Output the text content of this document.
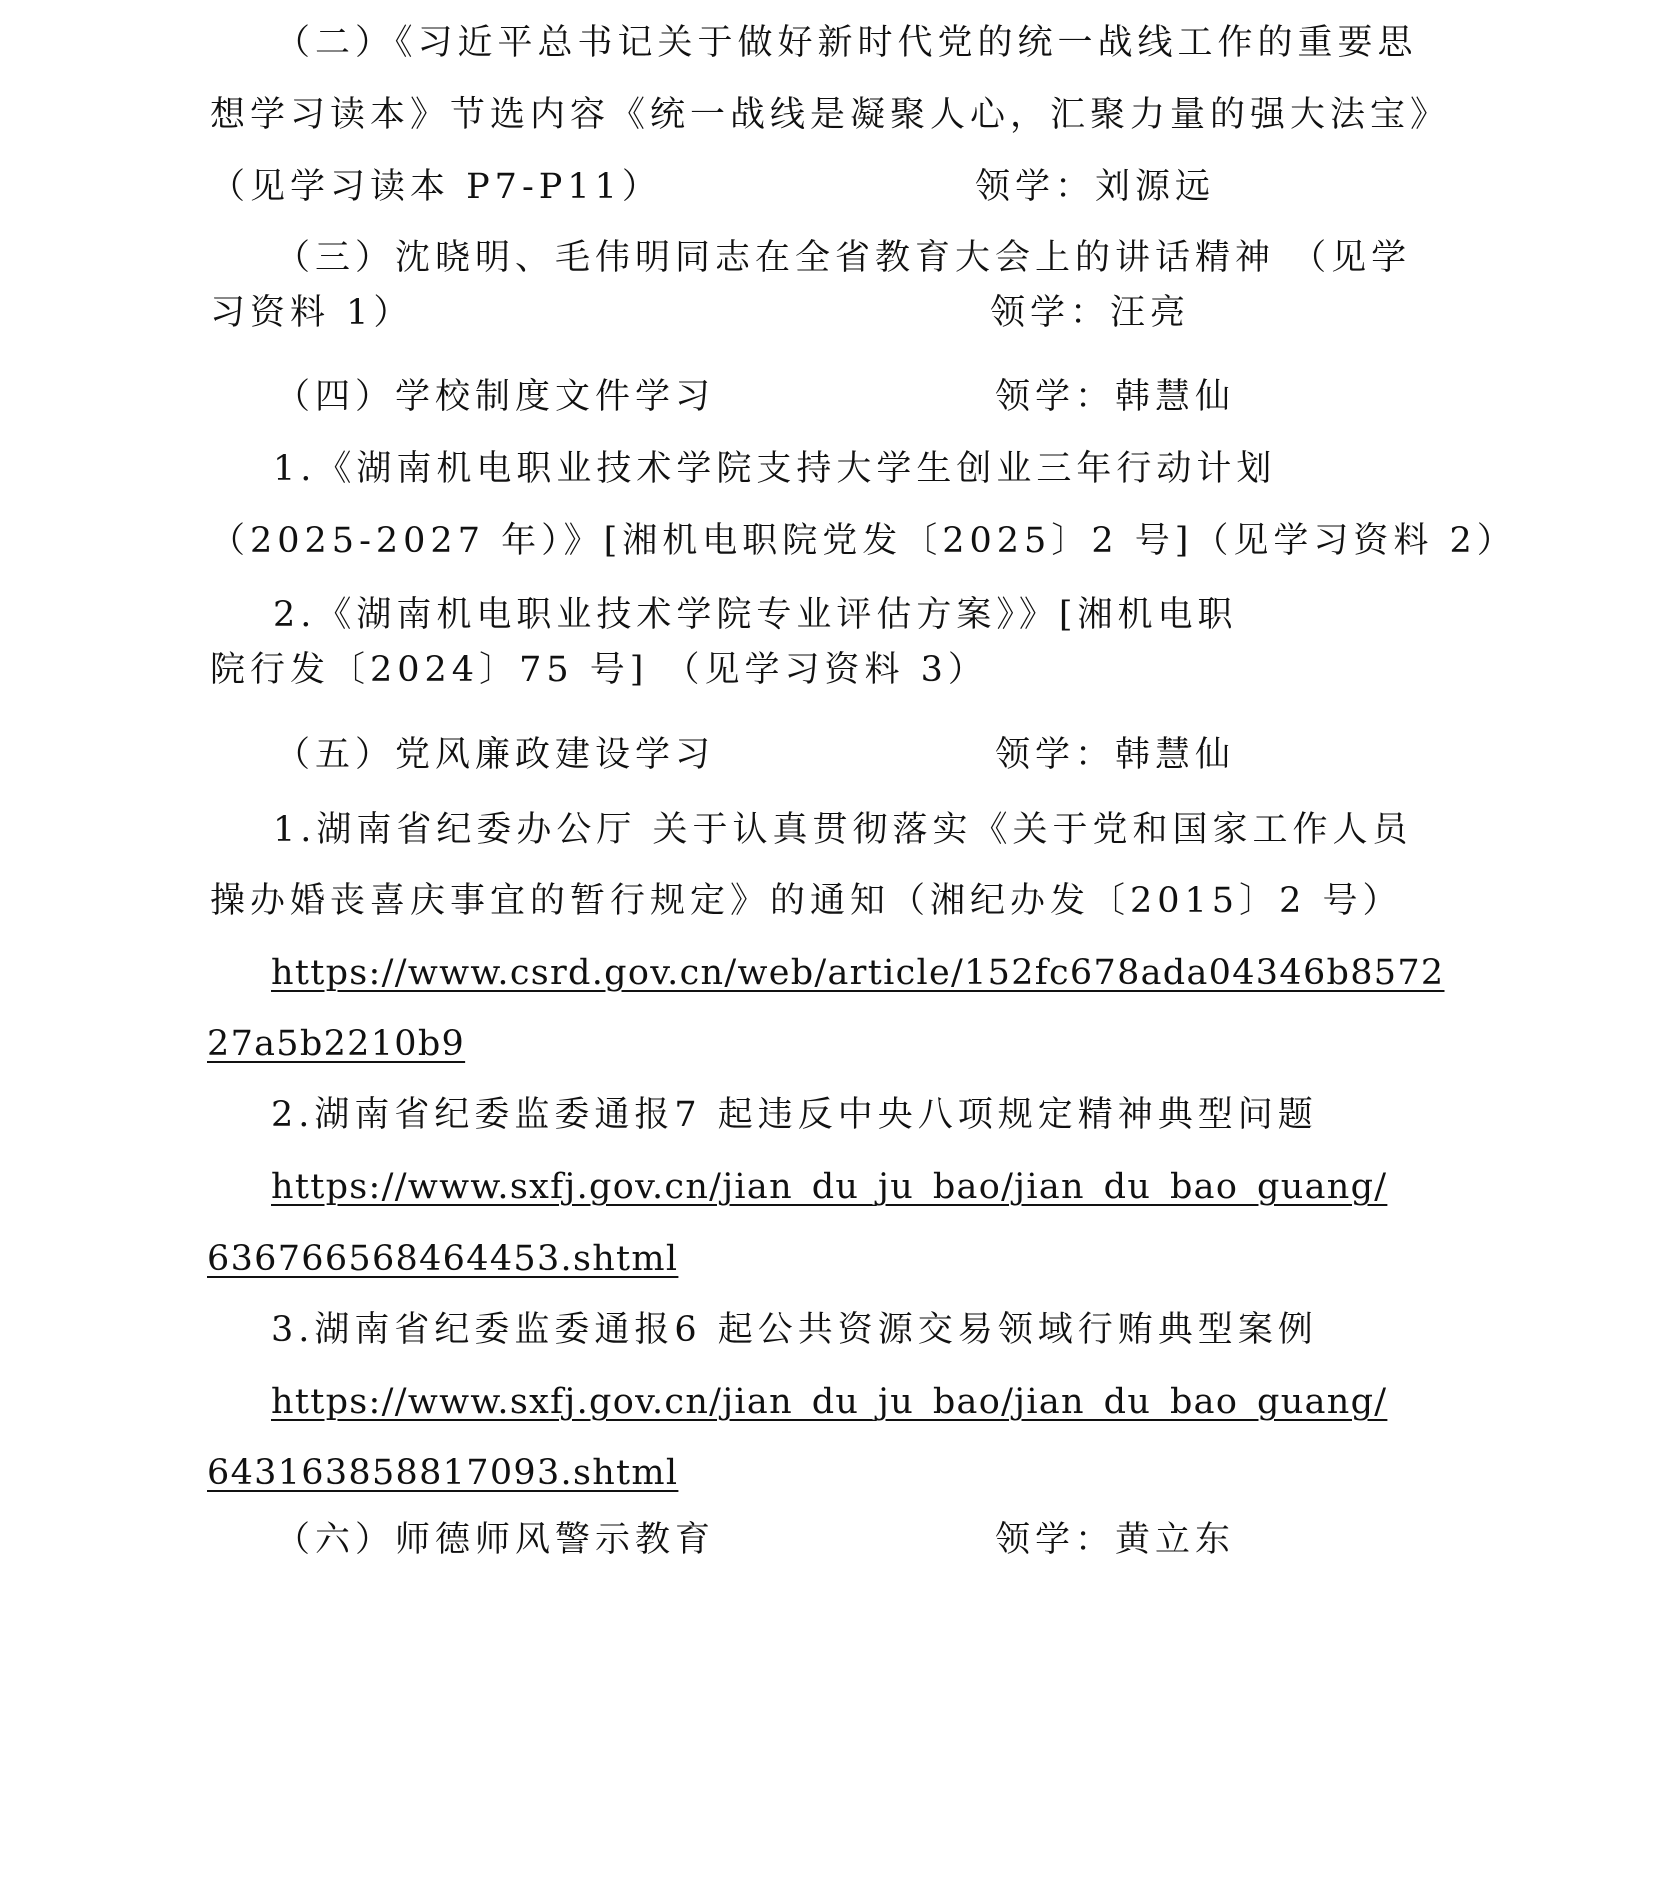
（二）《习近平总书记关于做好新时代党的统一战线工作的重要思
想学习读本》节选内容《统一战线是凝聚人心，汇聚力量的强大法宝》
（见学习读本 P7-P11）	领学：刘源远
（三）沈晓明、毛伟明同志在全省教育大会上的讲话精神 （见学
习资料 1）	领学：汪亮
（四）学校制度文件学习	领学：韩慧仙
1.《湖南机电职业技术学院支持大学生创业三年行动计划
（2025-2027 年）》[湘机电职院党发〔2025〕2 号]（见学习资料 2）
2.《湖南机电职业技术学院专业评估方案》》[湘机电职
院行发〔2024〕75 号] （见学习资料 3）
（五）党风廉政建设学习	领学：韩慧仙
1.湖南省纪委办公厅 关于认真贯彻落实《关于党和国家工作人员
操办婚丧喜庆事宜的暂行规定》的通知（湘纪办发〔2015〕2 号）
https://www.csrd.gov.cn/web/article/152fc678ada04346b8572
27a5b2210b9
2.湖南省纪委监委通报7 起违反中央八项规定精神典型问题
https://www.sxfj.gov.cn/jian_du_ju_bao/jian_du_bao_guang/
636766568464453.shtml
3.湖南省纪委监委通报6 起公共资源交易领域行贿典型案例
https://www.sxfj.gov.cn/jian_du_ju_bao/jian_du_bao_guang/
643163858817093.shtml
（六）师德师风警示教育	领学：黄立东
